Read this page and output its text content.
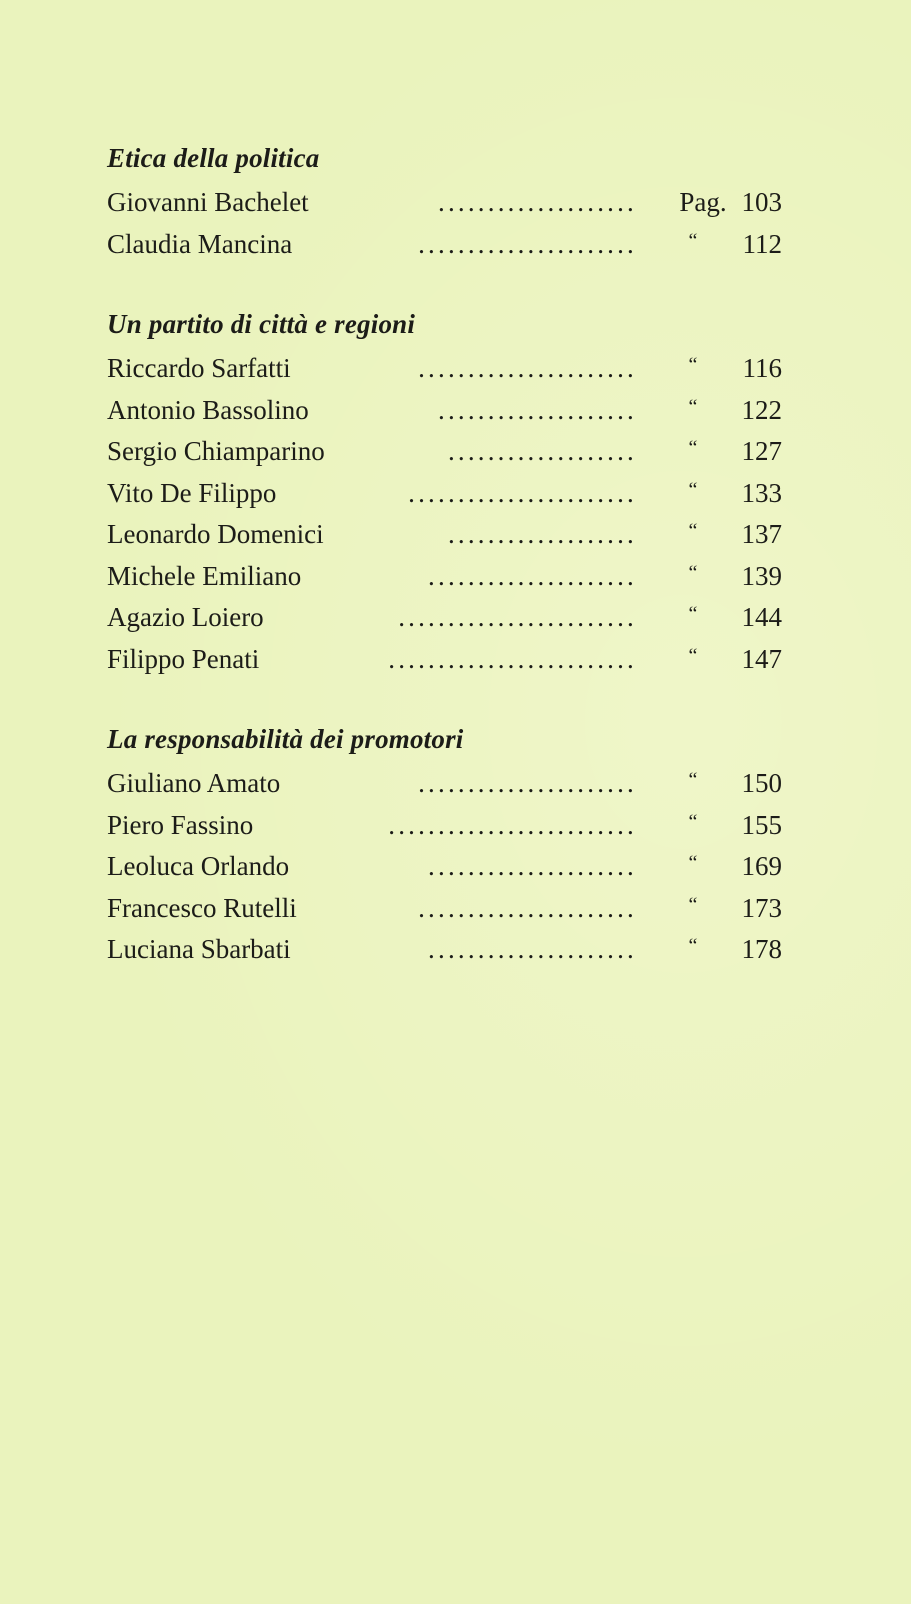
Etica della politica
Giovanni Bachelet	....................	Pag. 103
Claudia Mancina	......................	“	112
Un partito di città e regioni
Riccardo Sarfatti	......................	“	116
Antonio Bassolino	....................	“	122
Sergio Chiamparino	...................	“	127
Vito De Filippo	.......................	“	133
Leonardo Domenici	...................	“	137
Michele Emiliano	.....................	“	139
Agazio Loiero	........................	“	144
Filippo Penati	.........................	“	147
La responsabilità dei promotori
Giuliano Amato	......................	“	150
Piero Fassino	.........................	“	155
Leoluca Orlando	.....................	“	169
Francesco Rutelli	......................	“	173
Luciana Sbarbati	.....................	“	178
